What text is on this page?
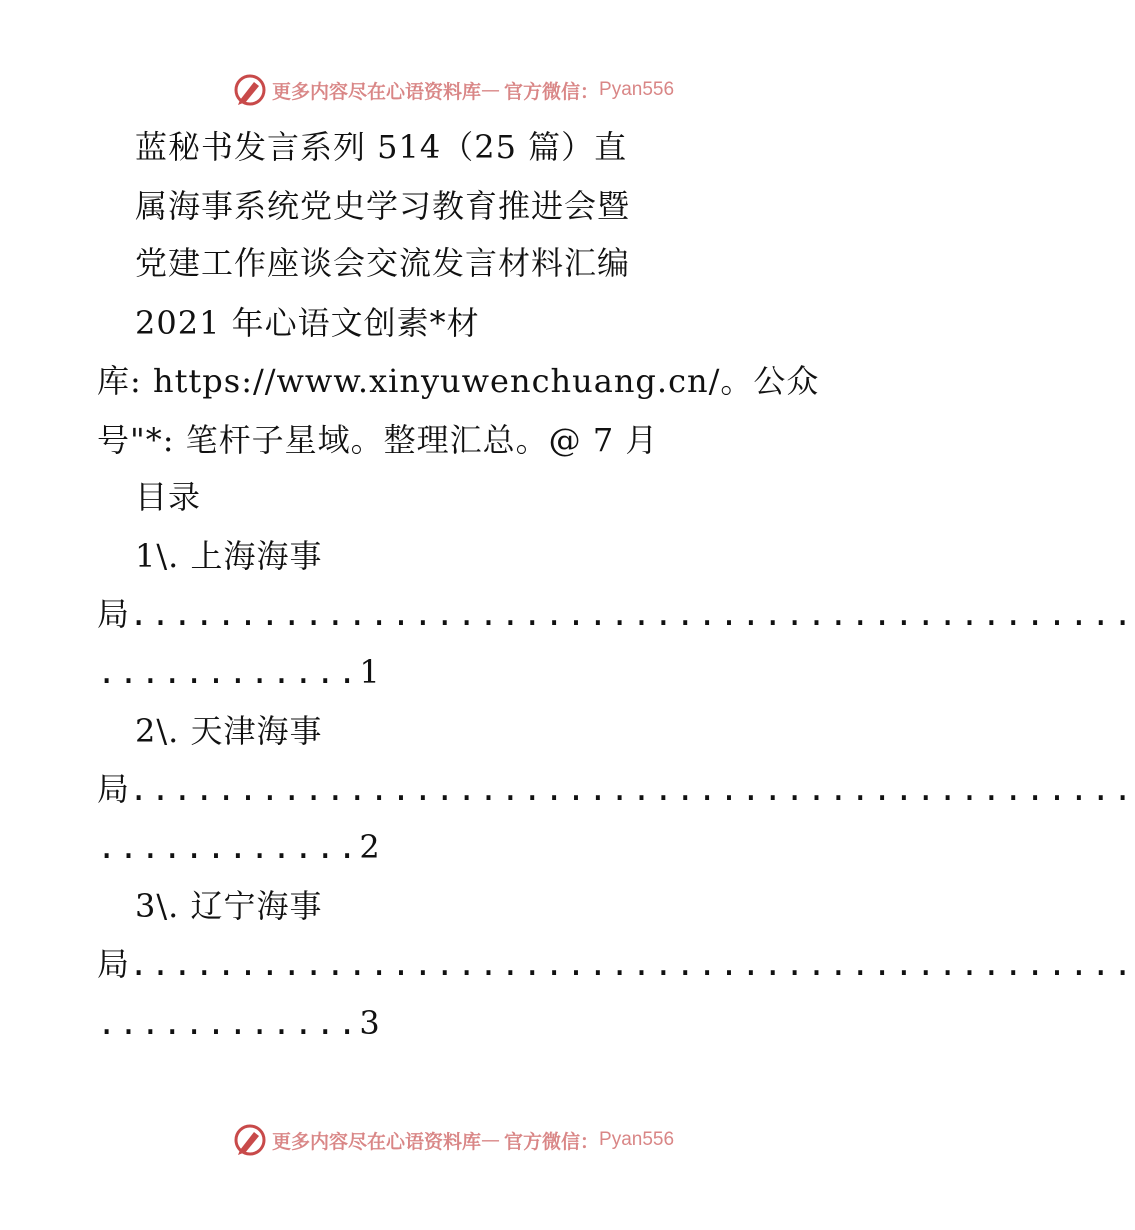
更多内容尽在心语资料库 — 官方微信： Pyan556
蓝秘书发言系列 514（25 篇）直
属海事系统党史学习教育推进会暨
党建工作座谈会交流发言材料汇编
2021 年心语文创素*材
库: https://www.xinyuwenchuang.cn/。公众
号"*: 笔杆子星域。整理汇总。@ 7 月
目录
1\. 上海海事
局..............................................
............1
2\. 天津海事
局..............................................
............2
3\. 辽宁海事
局..............................................
............3
更多内容尽在心语资料库 — 官方微信： Pyan556
